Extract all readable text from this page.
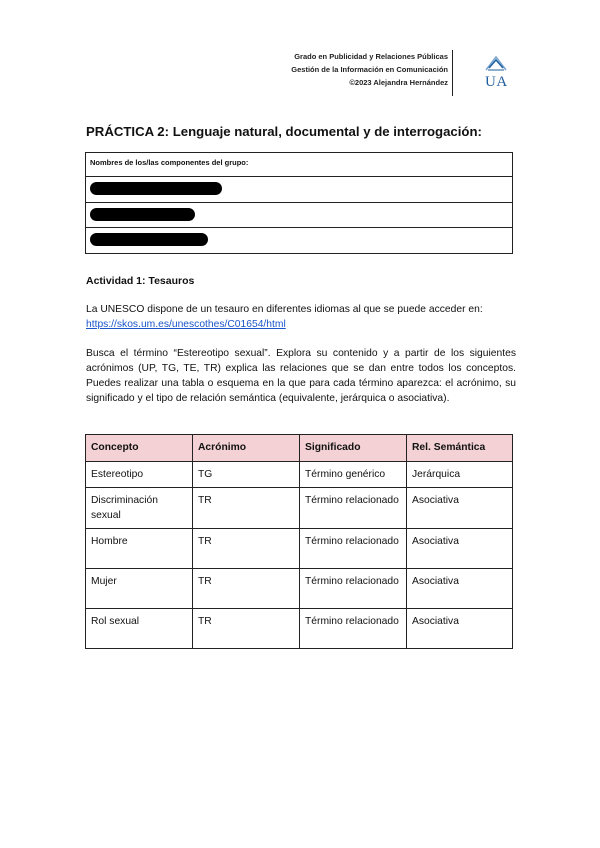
Grado en Publicidad y Relaciones Públicas
Gestión de la Información en Comunicación
©2023 Alejandra Hernández UA
PRÁCTICA 2: Lenguaje natural, documental y de interrogación:
Nombres de los/las componentes del grupo:

Actividad 1: Tesauros

La UNESCO dispone de un tesauro en diferentes idiomas al que se puede acceder en:
https://skos.um.es/unescothes/C01654/html

Busca el término “Estereotipo sexual”. Explora su contenido y a partir de los siguientes acrónimos (UP, TG, TE, TR) explica las relaciones que se dan entre todos los conceptos. Puedes realizar una tabla o esquema en la que para cada término aparezca: el acrónimo, su significado y el tipo de relación semántica (equivalente, jerárquica o asociativa).

Concepto	Acrónimo	Significado	Rel. Semántica
Estereotipo	TG	Término genérico	Jerárquica
Discriminación sexual	TR	Término relacionado	Asociativa
Hombre	TR	Término relacionado	Asociativa
Mujer	TR	Término relacionado	Asociativa
Rol sexual	TR	Término relacionado	Asociativa
